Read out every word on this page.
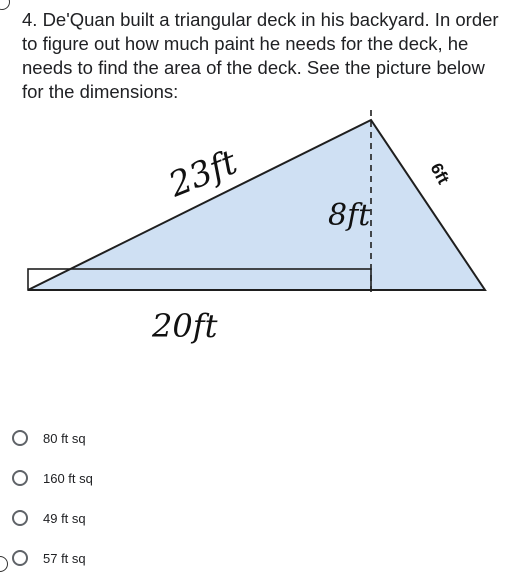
4. De'Quan built a triangular deck in his backyard. In order to figure out how much paint he needs for the deck, he needs to find the area of the deck. See the picture below for the dimensions:
23ft
8ft
6ft
20ft
80 ft sq
160 ft sq
49 ft sq
57 ft sq
